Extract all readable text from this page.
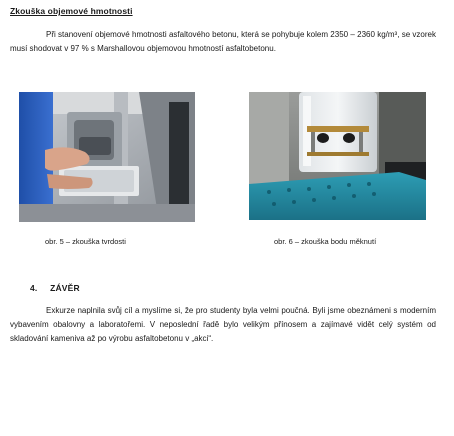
Zkouška objemové hmotnosti
Při stanovení objemové hmotnosti asfaltového betonu, která se pohybuje kolem 2350 – 2360 kg/m³, se vzorek musí shodovat v 97 % s Marshallovou objemovou hmotností asfaltobetonu.
obr. 5 – zkouška tvrdosti	obr. 6 – zkouška bodu měknutí
4. ZÁVĚR
Exkurze naplnila svůj cíl a myslíme si, že pro studenty byla velmi poučná. Byli jsme obeznámeni s moderním vybavením obalovny a laboratořemi. V neposlední řadě bylo velikým přínosem a zajímavé vidět celý systém od skladování kameniva až po výrobu asfaltobetonu v „akci“.
